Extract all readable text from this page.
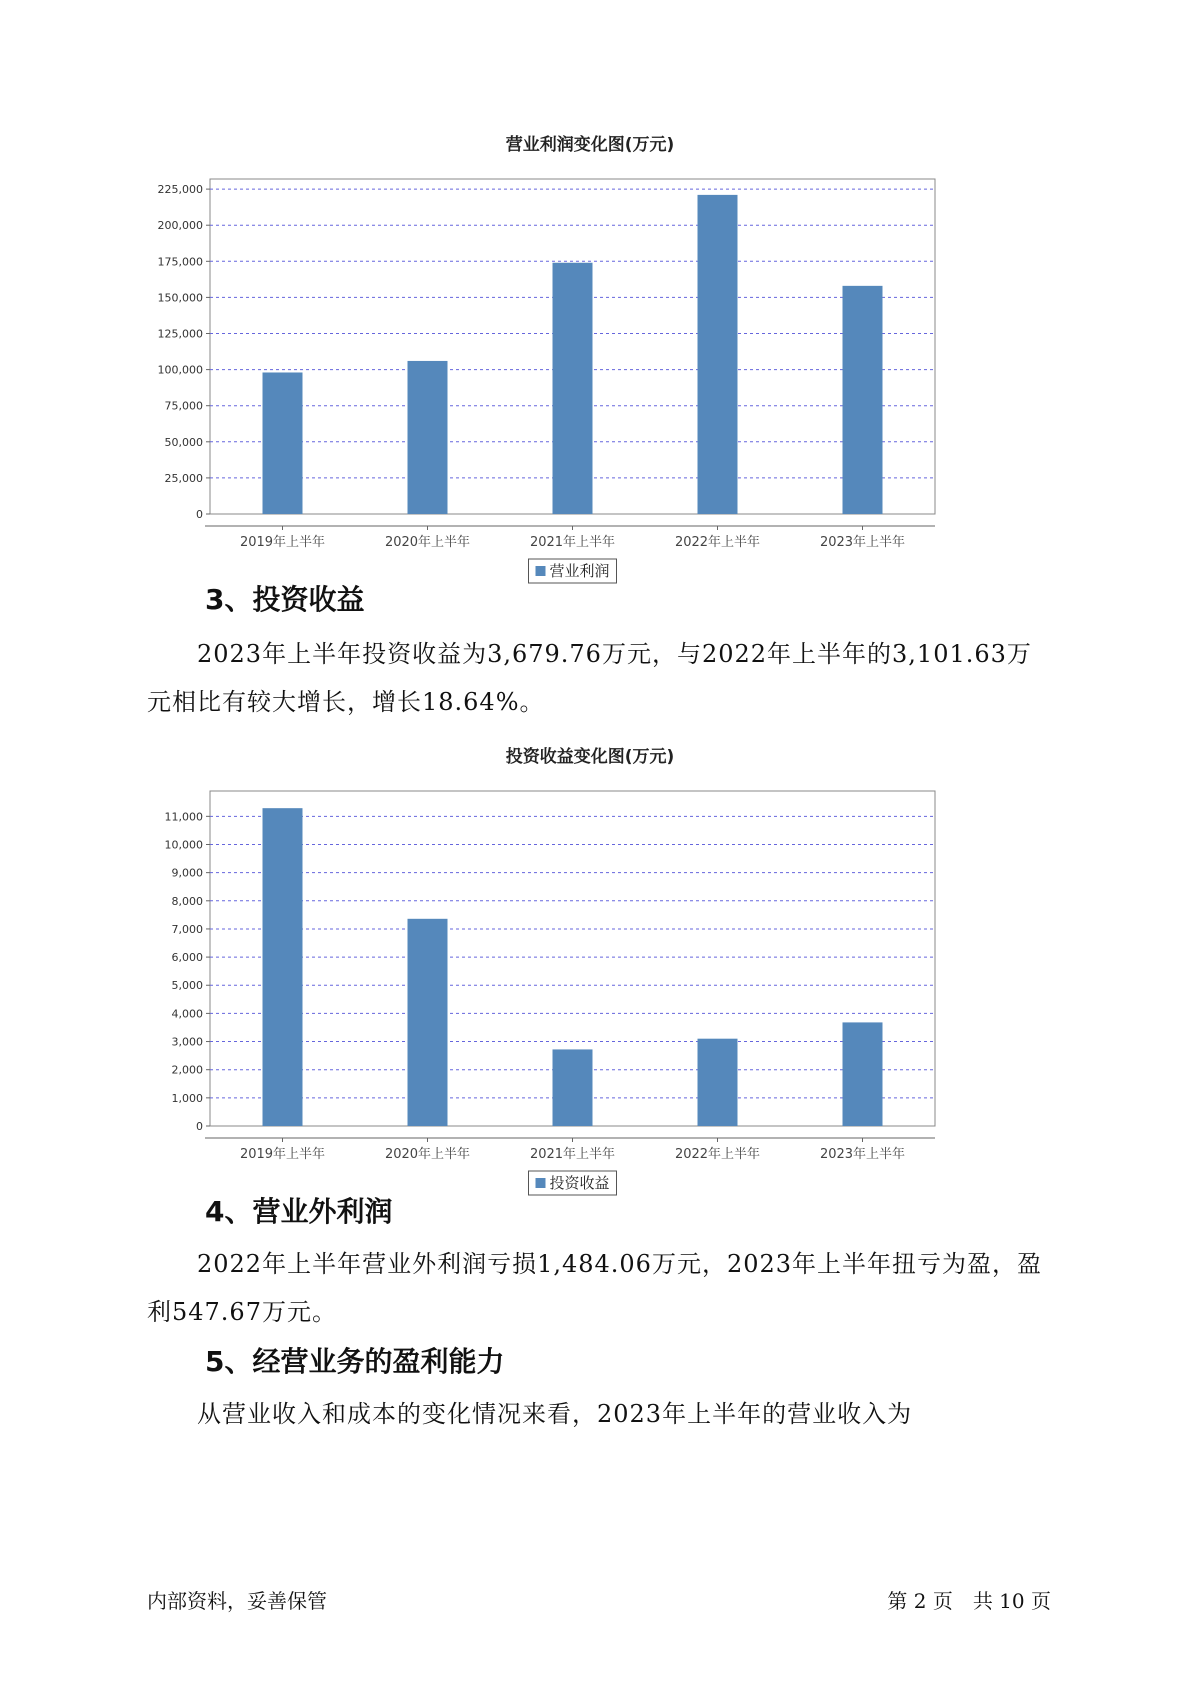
营业利润变化图(万元)
0
25,000
50,000
75,000
100,000
125,000
150,000
175,000
200,000
225,000
2019年上半年	2020年上半年	2021年上半年	2022年上半年	2023年上半年
营业利润
3、投资收益

2023年上半年投资收益为3,679.76万元，与2022年上半年的3,101.63万元相比有较大增长，增长18.64%。

投资收益变化图(万元)
0
1,000
2,000
3,000
4,000
5,000
6,000
7,000
8,000
9,000
10,000
11,000
2019年上半年	2020年上半年	2021年上半年	2022年上半年	2023年上半年
投资收益
4、营业外利润

2022年上半年营业外利润亏损1,484.06万元，2023年上半年扭亏为盈，盈利547.67万元。

5、经营业务的盈利能力

从营业收入和成本的变化情况来看，2023年上半年的营业收入为

内部资料，妥善保管	第 2 页　共 10 页
